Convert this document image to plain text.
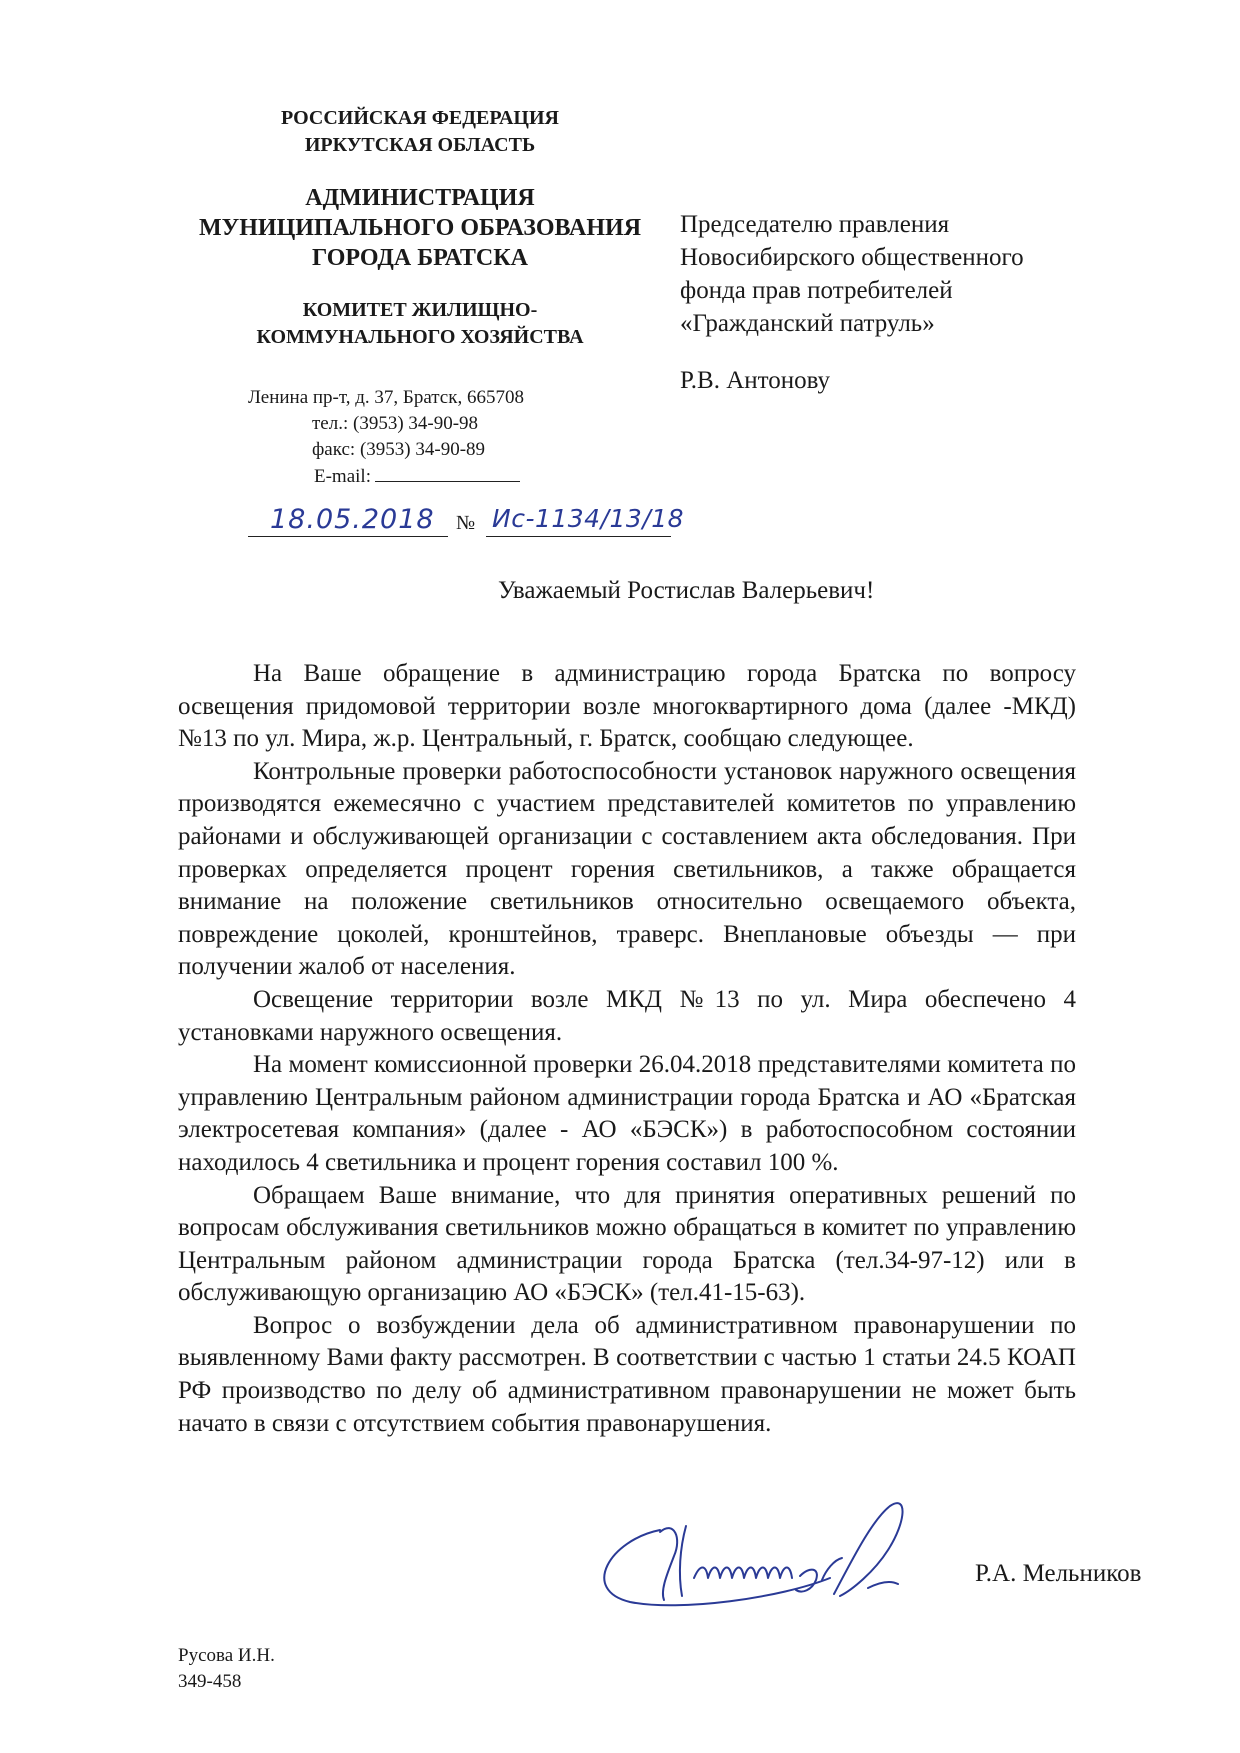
РОССИЙСКАЯ ФЕДЕРАЦИЯ
ИРКУТСКАЯ ОБЛАСТЬ
АДМИНИСТРАЦИЯ
МУНИЦИПАЛЬНОГО ОБРАЗОВАНИЯ
ГОРОДА БРАТСКА
КОМИТЕТ ЖИЛИЩНО-
КОММУНАЛЬНОГО ХОЗЯЙСТВА
Ленина пр-т, д. 37, Братск, 665708
тел.: (3953) 34-90-98
факс: (3953) 34-90-89
E-mail:
18.05.2018 № Ис-1134/13/18
Председателю правления
Новосибирского общественного
фонда прав потребителей
«Гражданский патруль»
Р.В. Антонову
Уважаемый Ростислав Валерьевич!

На Ваше обращение в администрацию города Братска по вопросу освещения придомовой территории возле многоквартирного дома (далее -МКД) №13 по ул. Мира, ж.р. Центральный, г. Братск, сообщаю следующее.

Контрольные проверки работоспособности установок наружного освещения производятся ежемесячно с участием представителей комитетов по управлению районами и обслуживающей организации с составлением акта обследования. При проверках определяется процент горения светильников, а также обращается внимание на положение светильников относительно освещаемого объекта, повреждение цоколей, кронштейнов, траверс. Внеплановые объезды — при получении жалоб от населения.

Освещение территории возле МКД №13 по ул. Мира обеспечено 4 установками наружного освещения.

На момент комиссионной проверки 26.04.2018 представителями комитета по управлению Центральным районом администрации города Братска и АО «Братская электросетевая компания» (далее - АО «БЭСК») в работоспособном состоянии находилось 4 светильника и процент горения составил 100 %.

Обращаем Ваше внимание, что для принятия оперативных решений по вопросам обслуживания светильников можно обращаться в комитет по управлению Центральным районом администрации города Братска (тел.34-97-12) или в обслуживающую организацию АО «БЭСК» (тел.41-15-63).

Вопрос о возбуждении дела об административном правонарушении по выявленному Вами факту рассмотрен. В соответствии с частью 1 статьи 24.5 КОАП РФ производство по делу об административном правонарушении не может быть начато в связи с отсутствием события правонарушения.

Р.А. Мельников
Русова И.Н.
349-458
